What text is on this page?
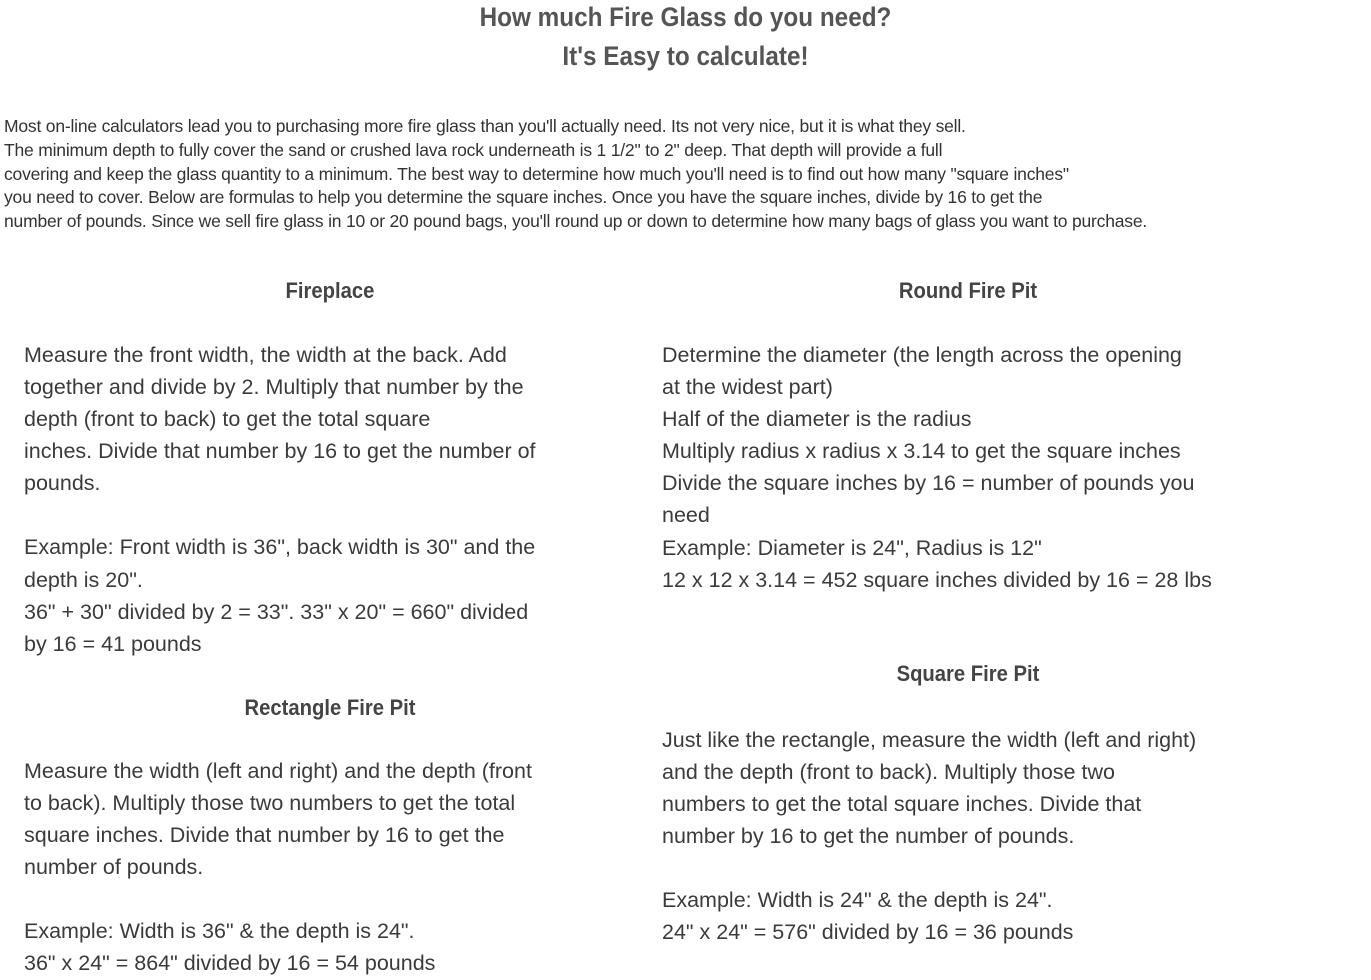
How much Fire Glass do you need?
It's Easy to calculate!
Most on-line calculators lead you to purchasing more fire glass than you'll actually need. Its not very nice, but it is what they sell.
The minimum depth to fully cover the sand or crushed lava rock underneath is 1 1/2" to 2" deep. That depth will provide a full
covering and keep the glass quantity to a minimum. The best way to determine how much you'll need is to find out how many "square inches"
you need to cover. Below are formulas to help you determine the square inches. Once you have the square inches, divide by 16 to get the
number of pounds. Since we sell fire glass in 10 or 20 pound bags, you'll round up or down to determine how many bags of glass you want to purchase.
Fireplace
Measure the front width, the width at the back. Add
together and divide by 2. Multiply that number by the
depth (front to back) to get the total square
inches. Divide that number by 16 to get the number of
pounds.
Example: Front width is 36", back width is 30" and the
depth is 20".
36" + 30" divided by 2 = 33". 33" x 20" = 660" divided
by 16 = 41 pounds
Round Fire Pit
Determine the diameter (the length across the opening
at the widest part)
Half of the diameter is the radius
Multiply radius x radius x 3.14 to get the square inches
Divide the square inches by 16 = number of pounds you
need
Example: Diameter is 24", Radius is 12"
12 x 12 x 3.14 = 452 square inches divided by 16 = 28 lbs
Rectangle Fire Pit
Measure the width (left and right) and the depth (front
to back). Multiply those two numbers to get the total
square inches. Divide that number by 16 to get the
number of pounds.
Example: Width is 36" & the depth is 24".
36" x 24" = 864" divided by 16 = 54 pounds
Square Fire Pit
Just like the rectangle, measure the width (left and right)
and the depth (front to back). Multiply those two
numbers to get the total square inches. Divide that
number by 16 to get the number of pounds.
Example: Width is 24" & the depth is 24".
24" x 24" = 576" divided by 16 = 36 pounds
